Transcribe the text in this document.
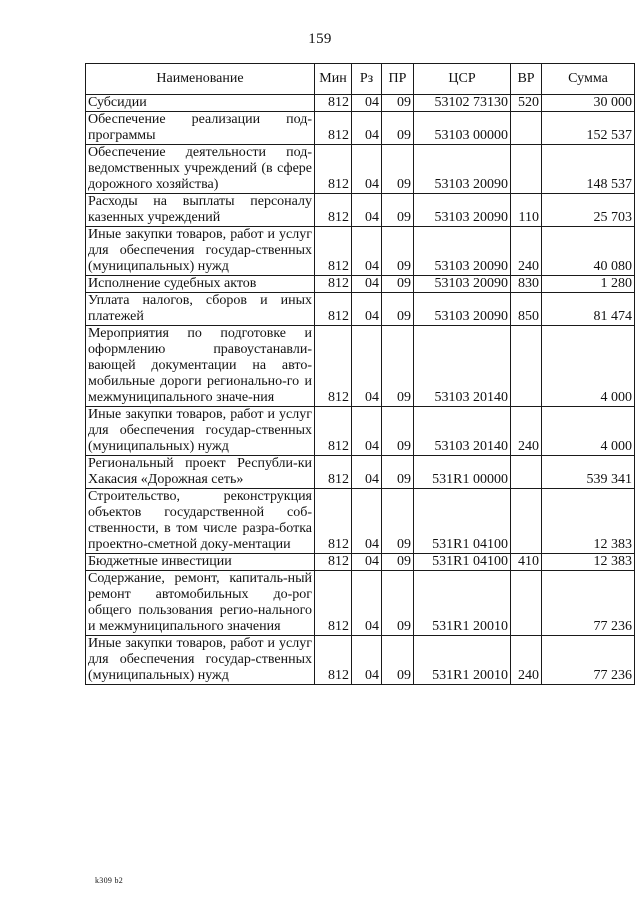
159
Наименование	Мин	Рз	ПР	ЦСР	ВР	Сумма
Субсидии	812	04	09	53102 73130	520	30 000
Обеспечение реализации под-программы	812	04	09	53103 00000		152 537
Обеспечение деятельности под-ведомственных учреждений (в сфере дорожного хозяйства)	812	04	09	53103 20090		148 537
Расходы на выплаты персоналу казенных учреждений	812	04	09	53103 20090	110	25 703
Иные закупки товаров, работ и услуг для обеспечения государ-ственных (муниципальных) нужд	812	04	09	53103 20090	240	40 080
Исполнение судебных актов	812	04	09	53103 20090	830	1 280
Уплата налогов, сборов и иных платежей	812	04	09	53103 20090	850	81 474
Мероприятия по подготовке и оформлению правоустанавли-вающей документации на авто-мобильные дороги регионально-го и межмуниципального значе-ния	812	04	09	53103 20140		4 000
Иные закупки товаров, работ и услуг для обеспечения государ-ственных (муниципальных) нужд	812	04	09	53103 20140	240	4 000
Региональный проект Республи-ки Хакасия «Дорожная сеть»	812	04	09	531R1 00000		539 341
Строительство, реконструкция объектов государственной соб-ственности, в том числе разра-ботка проектно-сметной доку-ментации	812	04	09	531R1 04100		12 383
Бюджетные инвестиции	812	04	09	531R1 04100	410	12 383
Содержание, ремонт, капиталь-ный ремонт автомобильных до-рог общего пользования регио-нального и межмуниципального значения	812	04	09	531R1 20010		77 236
Иные закупки товаров, работ и услуг для обеспечения государ-ственных (муниципальных) нужд	812	04	09	531R1 20010	240	77 236
k309 b2
